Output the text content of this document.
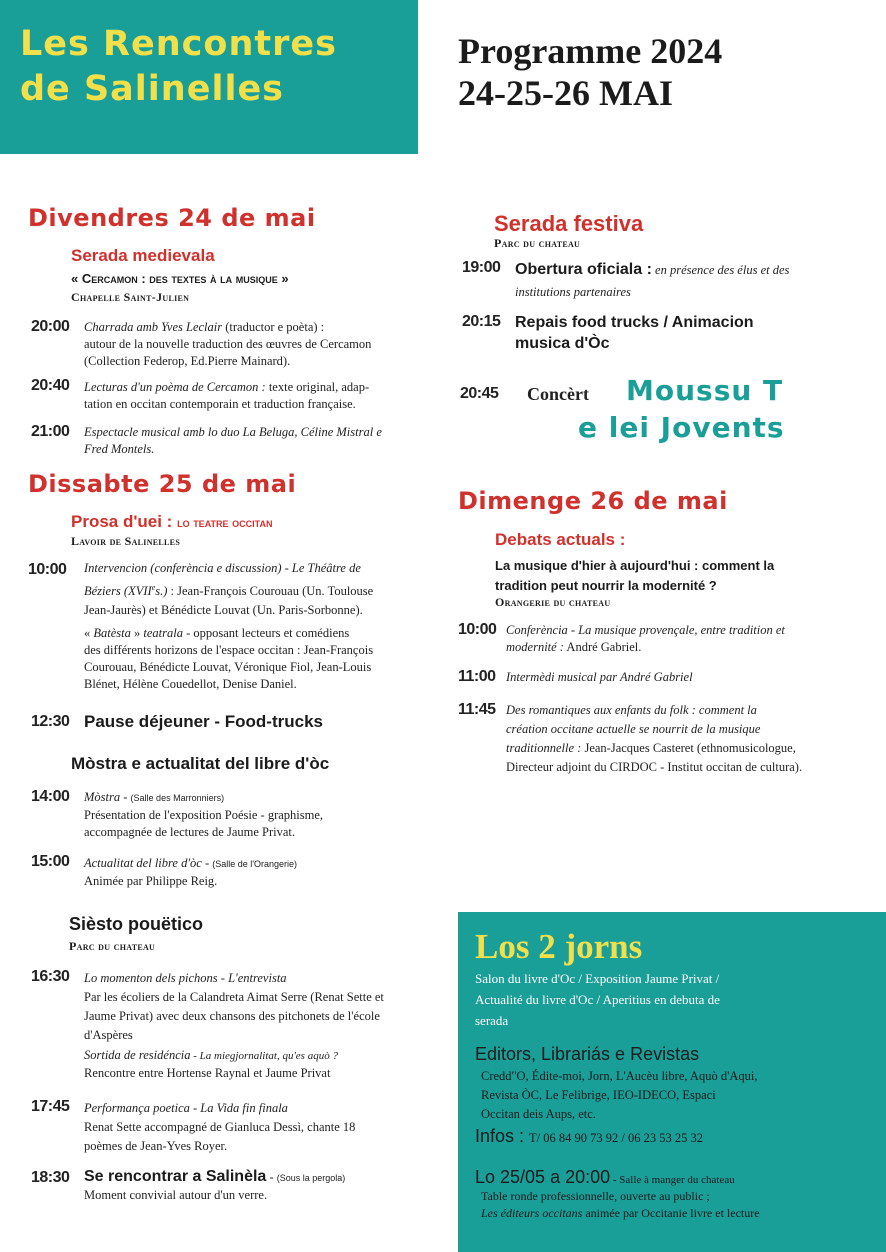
Les Rencontres
de Salinelles
Programme 2024
24-25-26 MAI
Divendres 24 de mai
Serada medievala
« Cercamon : des textes à la musique »
Chapelle Saint-Julien
20:00 Charrada amb Yves Leclair (traductor e poèta) :
autour de la nouvelle traduction des œuvres de Cercamon
(Collection Federop, Ed.Pierre Mainard).
20:40 Lecturas d'un poèma de Cercamon : texte original, adap-
tation en occitan contemporain et traduction française.
21:00 Espectacle musical amb lo duo La Beluga, Céline Mistral e
Fred Montels.
Dissabte 25 de mai
Prosa d'uei : lo teatre occitan
Lavoir de Salinelles
10:00 Intervencion (conferència e discussion) - Le Théâtre de
Béziers (XVIIes.) : Jean-François Courouau (Un. Toulouse
Jean-Jaurès) et Bénédicte Louvat (Un. Paris-Sorbonne).
« Batèsta » teatrala - opposant lecteurs et comédiens
des différents horizons de l'espace occitan : Jean-François
Courouau, Bénédicte Louvat, Véronique Fiol, Jean-Louis
Blénet, Hélène Couedellot, Denise Daniel.
12:30 Pause déjeuner - Food-trucks
Mòstra e actualitat del libre d'òc
14:00 Mòstra - (Salle des Marronniers)
Présentation de l'exposition Poésie - graphisme,
accompagnée de lectures de Jaume Privat.
15:00 Actualitat del libre d'òc - (Salle de l'Orangerie)
Animée par Philippe Reig.
Sièsto pouëtico
Parc du chateau
16:30 Lo momenton dels pichons - L'entrevista
Par les écoliers de la Calandreta Aimat Serre (Renat Sette et
Jaume Privat) avec deux chansons des pitchonets de l'école
d'Aspères
Sortida de residéncia - La miegjornalitat, qu'es aquò ?
Rencontre entre Hortense Raynal et Jaume Privat
17:45 Performança poetica - La Vida fin finala
Renat Sette accompagné de Gianluca Dessì, chante 18
poèmes de Jean-Yves Royer.
18:30 Se rencontrar a Salinèla - (Sous la pergola)
Moment convivial autour d'un verre.
Serada festiva
Parc du chateau
19:00 Obertura oficiala : en présence des élus et des
institutions partenaires
20:15 Repais food trucks / Animacion
musica d'Òc
20:45 Concèrt Moussu T
e lei Jovents
Dimenge 26 de mai
Debats actuals :
La musique d'hier à aujourd'hui : comment la
tradition peut nourrir la modernité ?
Orangerie du chateau
10:00 Conferència - La musique provençale, entre tradition et
modernité : André Gabriel.
11:00 Intermèdi musical par André Gabriel
11:45 Des romantiques aux enfants du folk : comment la
création occitane actuelle se nourrit de la musique
traditionnelle : Jean-Jacques Casteret (ethnomusicologue,
Directeur adjoint du CIRDOC - Institut occitan de cultura).
Los 2 jorns
Salon du livre d'Oc / Exposition Jaume Privat /
Actualité du livre d'Oc / Aperitius en debuta de
serada
Editors, Librariás e Revistas
Creddʹ'O, Édite-moi, Jorn, L'Aucèu libre, Aquò d'Aqui,
Revista ÒC, Le Felibrige, IEO-IDECO, Espaci
Occitan deis Aups, etc.
Infos : T/ 06 84 90 73 92 / 06 23 53 25 32
Lo 25/05 a 20:00 - Salle à manger du chateau
Table ronde professionnelle, ouverte au public ;
Les éditeurs occitans animée par Occitanie livre et lecture
